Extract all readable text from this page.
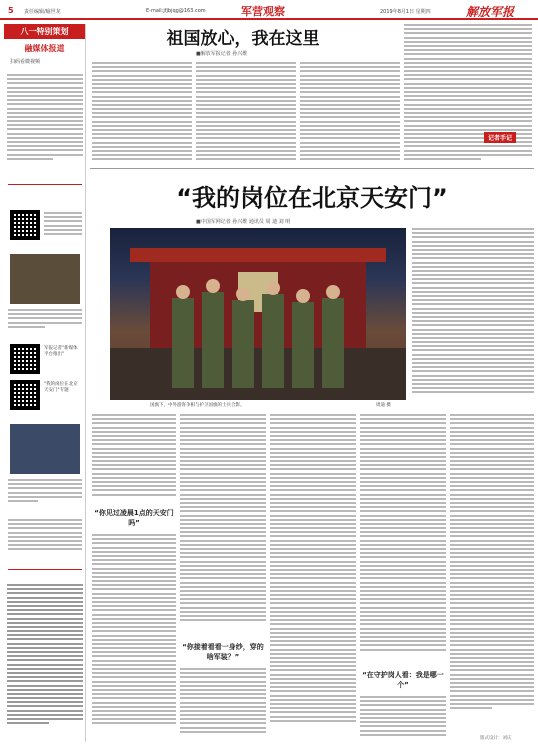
5 责任编辑/喻世龙	E-mail:jfjbjqg@163.com	军营观察	2019年8月1日 星期四	解放军报
八一特别策划
融媒体报道
扫码看微视频
军报记者"新媒体平台推出"
"我的岗位在北京天安门"专题
祖国放心，我在这里
■解放军报记者 孙兴维
记者手记
“我的岗位在北京天安门”
■中国军网记者 孙兴维 通讯员 周 迪 刘 明
国旗下，中外游客争相与护卫国旗的士兵合影。	周迪 摄
“你见过凌晨1点的天安门吗”
“你接着看看一身纱，穿的啥军装？”
“在守护岗人看：我是哪一个”
版式设计：刘庆
